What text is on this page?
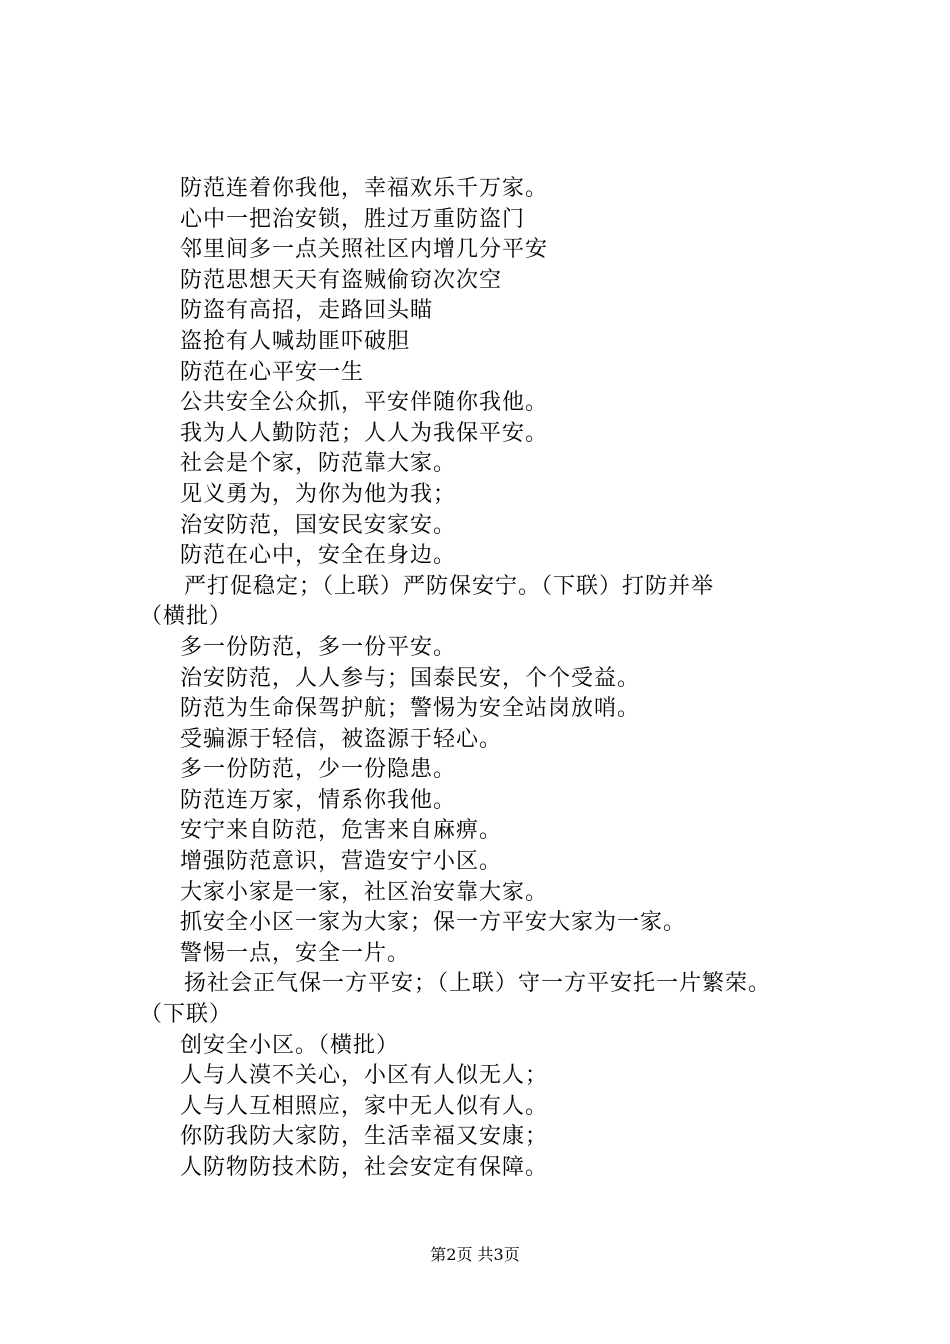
防范连着你我他，幸福欢乐千万家。
心中一把治安锁，胜过万重防盗门
邻里间多一点关照社区内增几分平安
防范思想天天有盗贼偷窃次次空
防盗有高招，走路回头瞄
盗抢有人喊劫匪吓破胆
防范在心平安一生
公共安全公众抓，平安伴随你我他。
我为人人勤防范；人人为我保平安。
社会是个家，防范靠大家。
见义勇为，为你为他为我；
治安防范，国安民安家安。
防范在心中，安全在身边。
严打促稳定；（上联）严防保安宁。（下联）打防并举
（横批）
多一份防范，多一份平安。
治安防范，人人参与；国泰民安，个个受益。
防范为生命保驾护航；警惕为安全站岗放哨。
受骗源于轻信，被盗源于轻心。
多一份防范，少一份隐患。
防范连万家，情系你我他。
安宁来自防范，危害来自麻痹。
增强防范意识，营造安宁小区。
大家小家是一家，社区治安靠大家。
抓安全小区一家为大家；保一方平安大家为一家。
警惕一点，安全一片。
扬社会正气保一方平安；（上联）守一方平安托一片繁荣。
（下联）
创安全小区。（横批）
人与人漠不关心，小区有人似无人；
人与人互相照应，家中无人似有人。
你防我防大家防，生活幸福又安康；
人防物防技术防，社会安定有保障。
第2页 共3页
